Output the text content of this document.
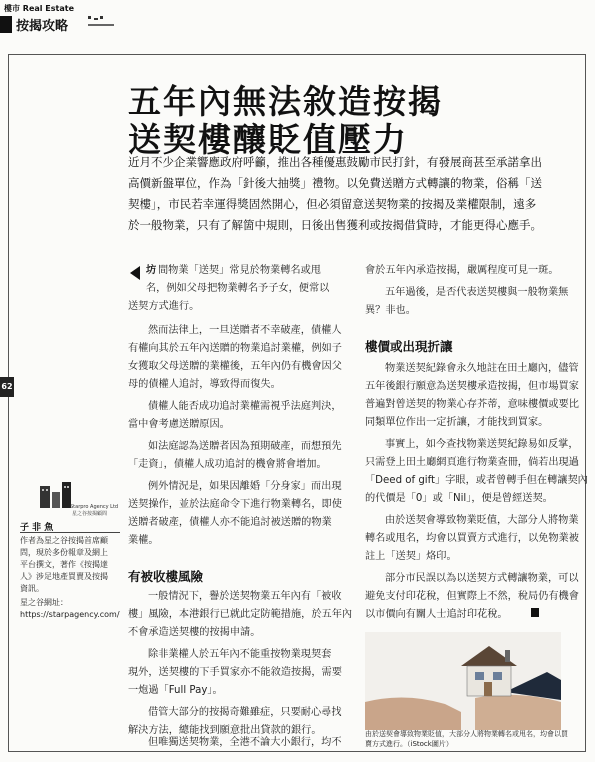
樓市 Real Estate
按揭攻略
62
五年內無法敘造按揭
送契樓釀貶值壓力
近月不少企業響應政府呼籲，推出各種優惠鼓勵市民打針，有發展商甚至承諾拿出
高價新盤單位，作為「針後大抽獎」禮物。以免費送贈方式轉讓的物業，俗稱「送
契樓」，市民若幸運得獎固然開心，但必須留意送契物業的按揭及業權限制，遠多
於一般物業，只有了解箇中規則，日後出售獲利或按揭借貸時，才能更得心應手。
坊 間物業「送契」常見於物業轉名或甩
名，例如父母把物業轉名予子女，便常以
送契方式進行。
然而法律上，一旦送贈者不幸破產，債權人
有權向其於五年內送贈的物業追討業權，例如子
女獲取父母送贈的業權後，五年內仍有機會因父
母的債權人追討，導致得而復失。
債權人能否成功追討業權需視乎法庭判決，
當中會考慮送贈原因。
如法庭認為送贈者因為預期破產，而想預先
「走資」，債權人成功追討的機會將會增加。
例外情況是，如果因離婚「分身家」而出現
送契操作，並於法庭命令下進行物業轉名，即使
送贈者破產，債權人亦不能追討被送贈的物業
業權。
有被收樓風險
一般情況下，譽於送契物業五年內有「被收
樓」風險，本港銀行已就此定防範措施，於五年內
不會承造送契樓的按揭申請。
除非業權人於五年內不能重按物業現契套
現外，送契樓的下手買家亦不能敘造按揭，需要
一炮過「Full Pay」。
借管大部分的按揭奇難雖症，只要耐心尋找
解決方法，總能找到願意批出貸款的銀行。
但唯獨送契物業，全港不論大小銀行，均不
會於五年內承造按揭，嚴厲程度可見一斑。
五年過後，是否代表送契樓與一般物業無
異？非也。
樓價或出現折讓
物業送契紀錄會永久地註在田土廳內，儘管
五年後銀行願意為送契樓承造按揭，但市場買家
普遍對曾送契的物業心存芥蒂，意味樓價或要比
同類單位作出一定折讓，才能找到買家。
事實上，如今查找物業送契紀錄易如反掌，
只需登上田土廳網頁進行物業查冊，倘若出現過
「Deed of gift」字眼，或者曾轉手但在轉讓契內
的代價是「0」或「Nil」，便是曾經送契。
由於送契會導致物業貶值，大部分人將物業
轉名或甩名，均會以買賣方式進行，以免物業被
註上「送契」烙印。
部分市民誤以為以送契方式轉讓物業，可以
避免支付印花稅，但實際上不然，稅局仍有機會
以市價向有關人士追討印花稅。
Starpro Agency Ltd
星之谷按揭顧問
子 非 魚
作者為星之谷按揭首席顧
問，現於多份報章及網上
平台撰文，著作《按揭達
人》涉足地產買賣及按揭
資訊。
星之谷網址：
https://starpagency.com/
由於送契會導致物業貶值，大部分人將物業轉名或甩名，均會以買
賣方式進行。（iStock圖片）
